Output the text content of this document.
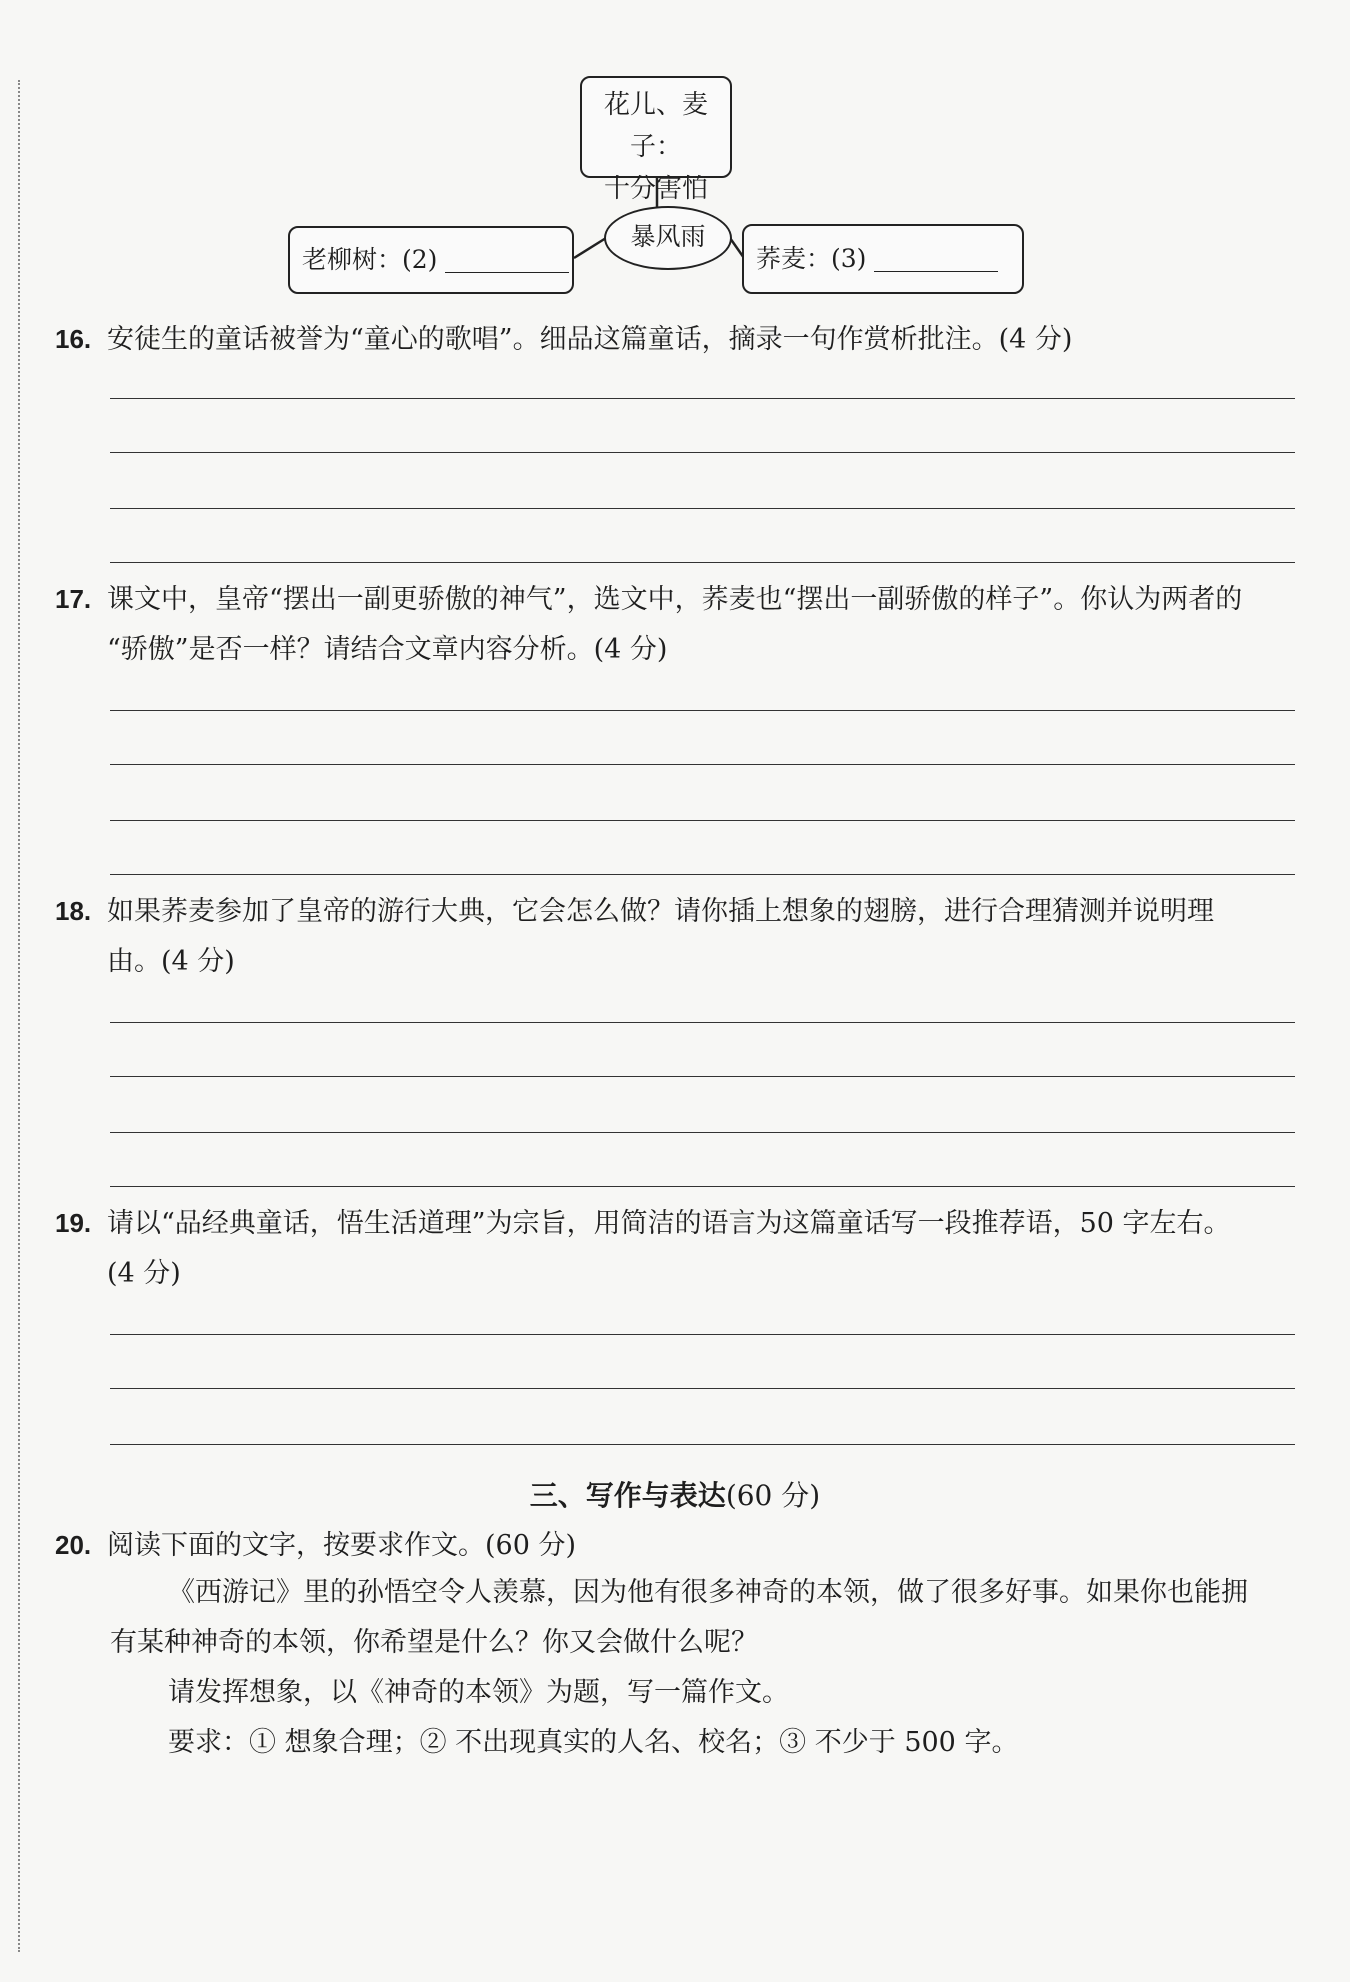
花儿、麦子：
十分害怕
暴风雨
老柳树：(2)	荞麦：(3)
16. 安徒生的童话被誉为“童心的歌唱”。细品这篇童话，摘录一句作赏析批注。(4 分)
17. 课文中，皇帝“摆出一副更骄傲的神气”，选文中，荞麦也“摆出一副骄傲的样子”。你认为两者的
“骄傲”是否一样？请结合文章内容分析。(4 分)
18. 如果荞麦参加了皇帝的游行大典，它会怎么做？请你插上想象的翅膀，进行合理猜测并说明理
由。(4 分)
19. 请以“品经典童话，悟生活道理”为宗旨，用简洁的语言为这篇童话写一段推荐语，50 字左右。
(4 分)
三、写作与表达(60 分)
20. 阅读下面的文字，按要求作文。(60 分)
《西游记》里的孙悟空令人羡慕，因为他有很多神奇的本领，做了很多好事。如果你也能拥
有某种神奇的本领，你希望是什么？你又会做什么呢？
请发挥想象，以《神奇的本领》为题，写一篇作文。
要求：① 想象合理；② 不出现真实的人名、校名；③ 不少于 500 字。
